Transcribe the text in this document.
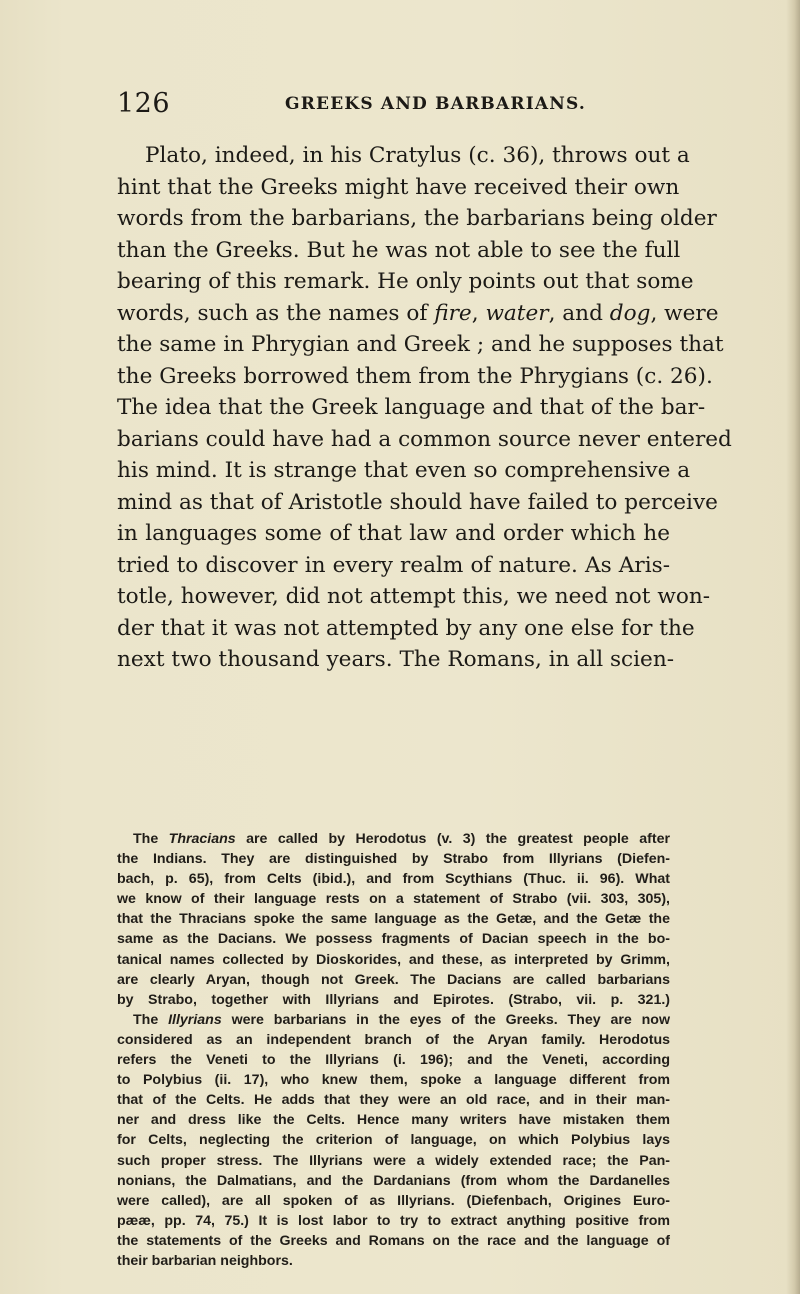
126	GREEKS AND BARBARIANS.
Plato, indeed, in his Cratylus (c. 36), throws out a
hint that the Greeks might have received their own
words from the barbarians, the barbarians being older
than the Greeks. But he was not able to see the full
bearing of this remark. He only points out that some
words, such as the names of fire, water, and dog, were
the same in Phrygian and Greek ; and he supposes that
the Greeks borrowed them from the Phrygians (c. 26).
The idea that the Greek language and that of the bar-
barians could have had a common source never entered
his mind. It is strange that even so comprehensive a
mind as that of Aristotle should have failed to perceive
in languages some of that law and order which he
tried to discover in every realm of nature. As Aris-
totle, however, did not attempt this, we need not won-
der that it was not attempted by any one else for the
next two thousand years. The Romans, in all scien-
The Thracians are called by Herodotus (v. 3) the greatest people after
the Indians. They are distinguished by Strabo from Illyrians (Diefen-
bach, p. 65), from Celts (ibid.), and from Scythians (Thuc. ii. 96). What
we know of their language rests on a statement of Strabo (vii. 303, 305),
that the Thracians spoke the same language as the Getæ, and the Getæ the
same as the Dacians. We possess fragments of Dacian speech in the bo-
tanical names collected by Dioskorides, and these, as interpreted by Grimm,
are clearly Aryan, though not Greek. The Dacians are called barbarians
by Strabo, together with Illyrians and Epirotes. (Strabo, vii. p. 321.)
The Illyrians were barbarians in the eyes of the Greeks. They are now
considered as an independent branch of the Aryan family. Herodotus
refers the Veneti to the Illyrians (i. 196); and the Veneti, according
to Polybius (ii. 17), who knew them, spoke a language different from
that of the Celts. He adds that they were an old race, and in their man-
ner and dress like the Celts. Hence many writers have mistaken them
for Celts, neglecting the criterion of language, on which Polybius lays
such proper stress. The Illyrians were a widely extended race; the Pan-
nonians, the Dalmatians, and the Dardanians (from whom the Dardanelles
were called), are all spoken of as Illyrians. (Diefenbach, Origines Euro-
pææ, pp. 74, 75.) It is lost labor to try to extract anything positive from
the statements of the Greeks and Romans on the race and the language of
their barbarian neighbors.
